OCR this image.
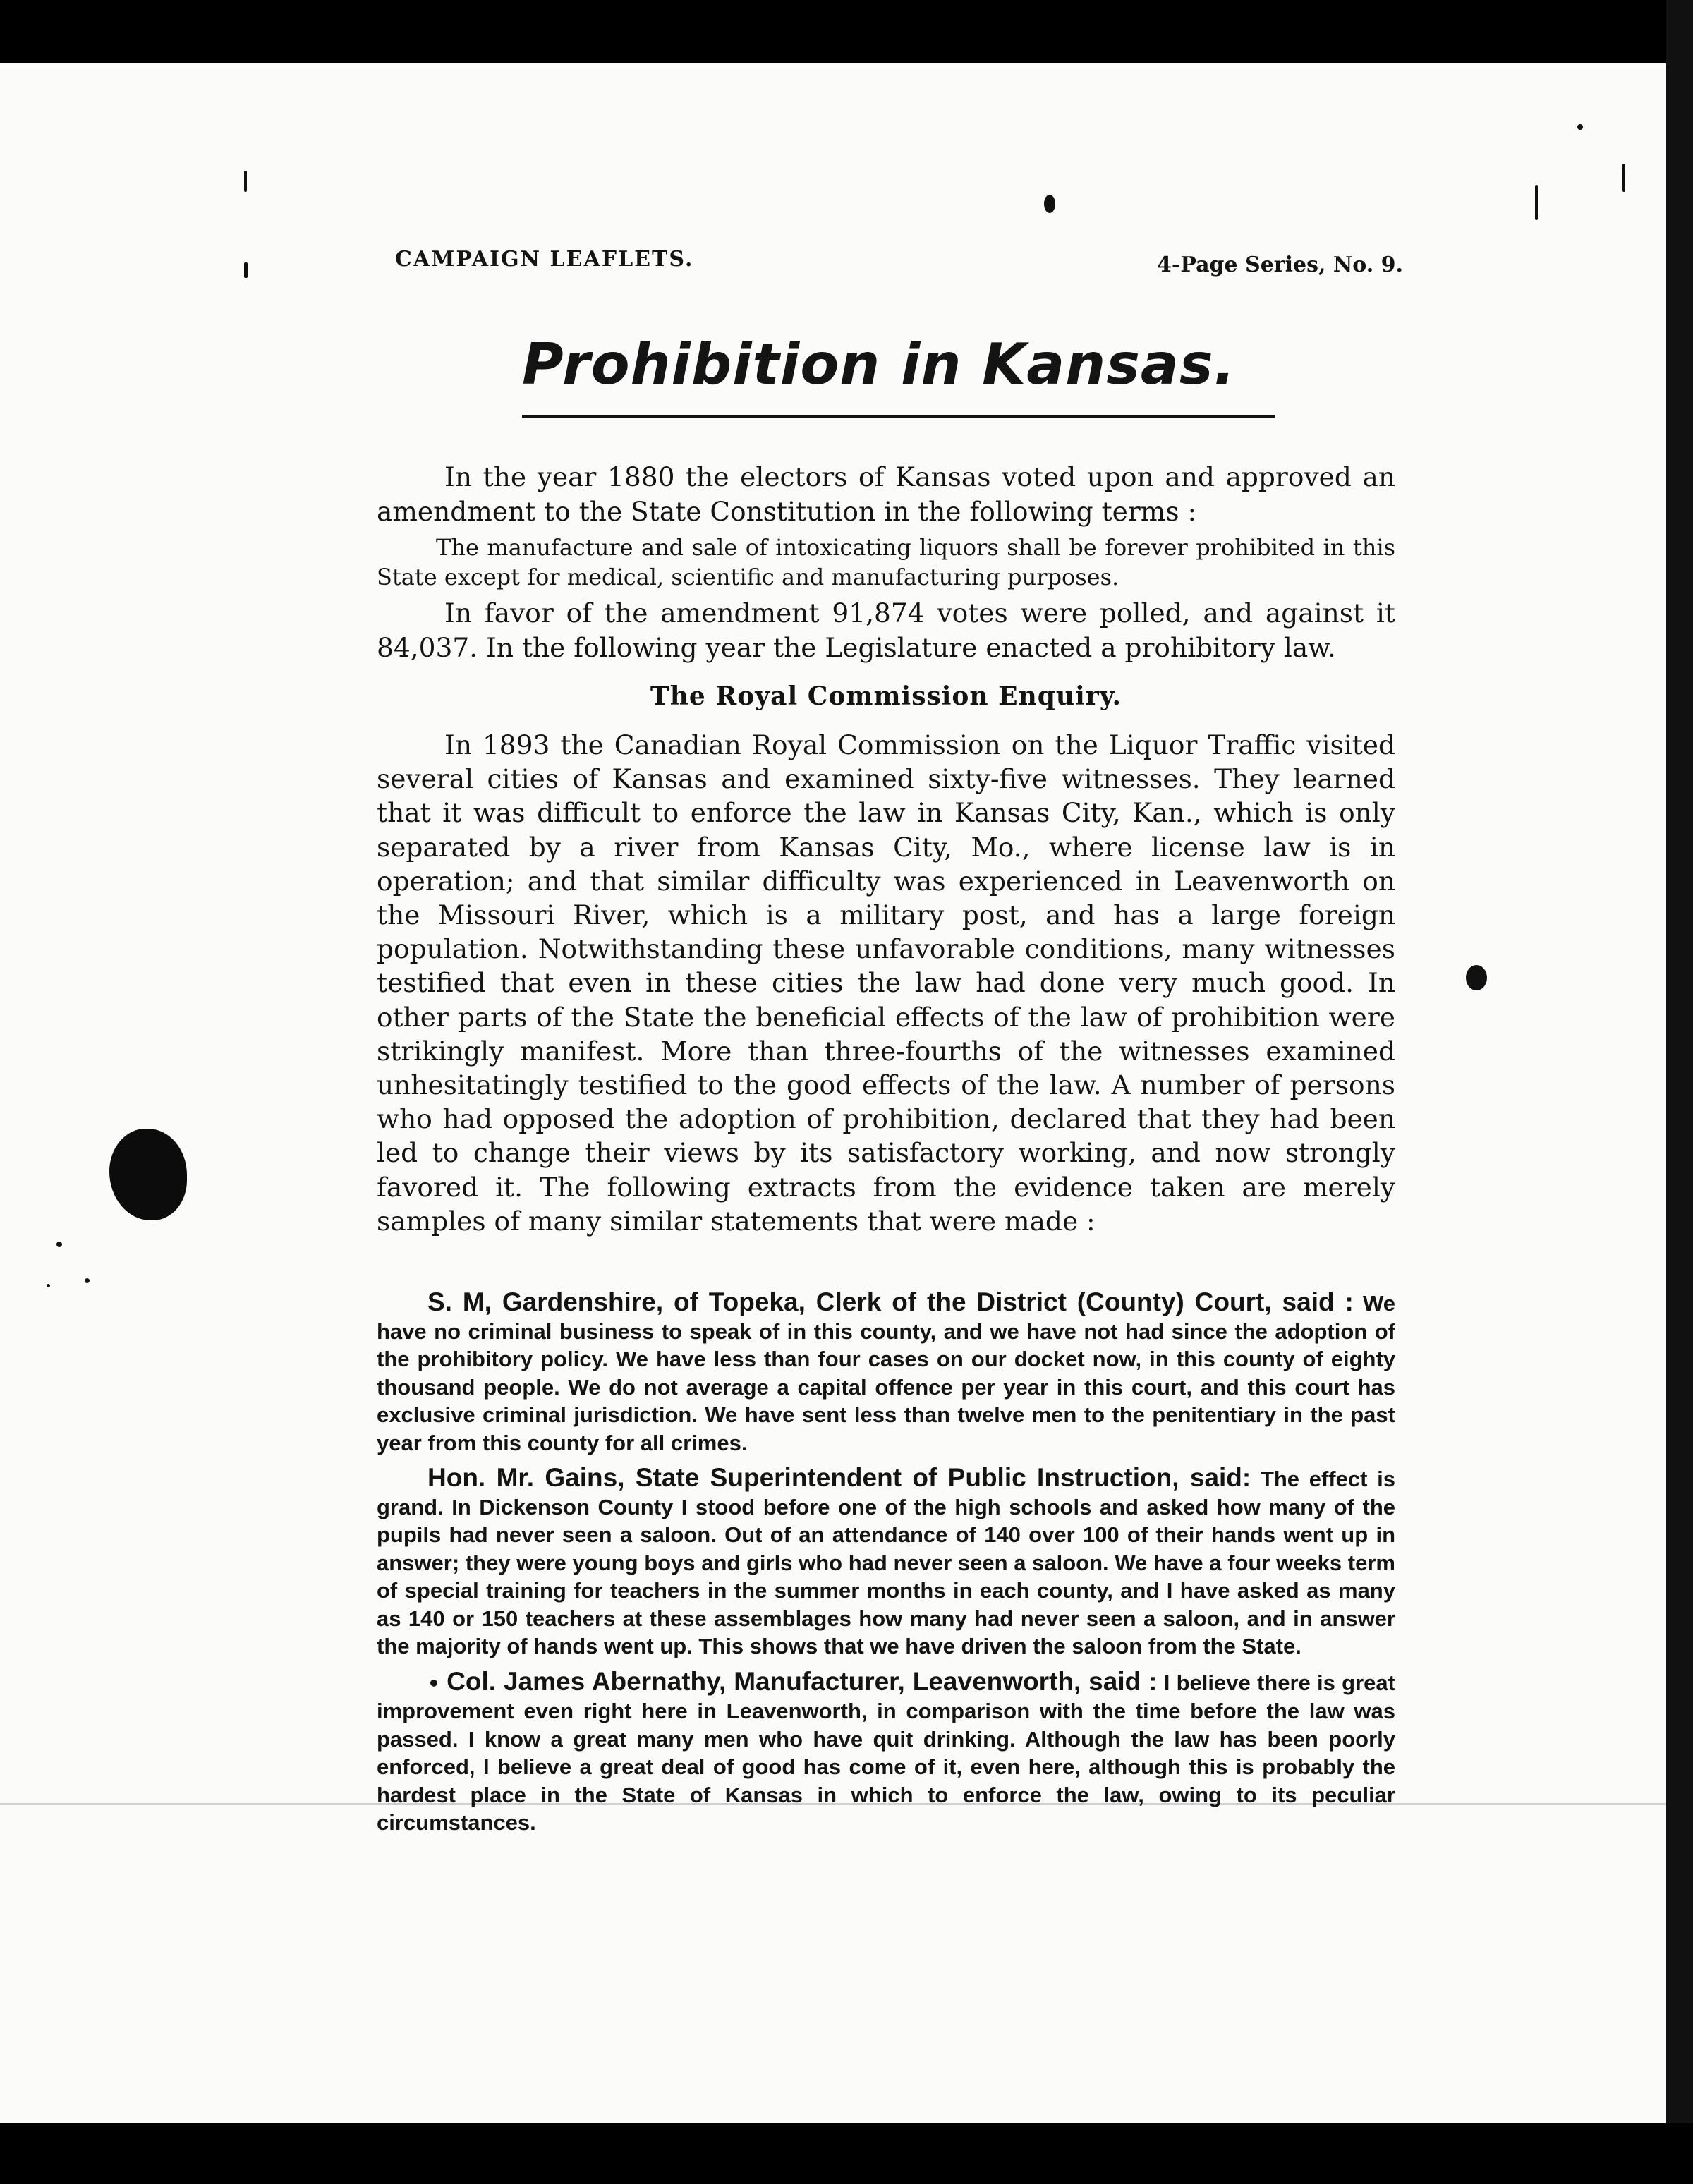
CAMPAIGN LEAFLETS.	4-Page Series, No. 9.
Prohibition in Kansas.

In the year 1880 the electors of Kansas voted upon and approved an amendment to the State Constitution in the following terms :

The manufacture and sale of intoxicating liquors shall be forever prohibited in this State except for medical, scientific and manufacturing purposes.

In favor of the amendment 91,874 votes were polled, and against it 84,037. In the following year the Legislature enacted a prohibitory law.

The Royal Commission Enquiry.

In 1893 the Canadian Royal Commission on the Liquor Traffic visited several cities of Kansas and examined sixty-five witnesses. They learned that it was difficult to enforce the law in Kansas City, Kan., which is only separated by a river from Kansas City, Mo., where license law is in operation; and that similar difficulty was experienced in Leavenworth on the Missouri River, which is a military post, and has a large foreign population. Notwithstanding these unfavorable conditions, many witnesses testified that even in these cities the law had done very much good. In other parts of the State the beneficial effects of the law of prohibition were strikingly manifest. More than three-fourths of the witnesses examined unhesitatingly testified to the good effects of the law. A number of persons who had opposed the adoption of prohibition, declared that they had been led to change their views by its satisfactory working, and now strongly favored it. The following extracts from the evidence taken are merely samples of many similar statements that were made :

S. M, Gardenshire, of Topeka, Clerk of the District (County) Court, said : We have no criminal business to speak of in this county, and we have not had since the adoption of the prohibitory policy. We have less than four cases on our docket now, in this county of eighty thousand people. We do not average a capital offence per year in this court, and this court has exclusive criminal jurisdiction. We have sent less than twelve men to the penitentiary in the past year from this county for all crimes.

Hon. Mr. Gains, State Superintendent of Public Instruction, said: The effect is grand. In Dickenson County I stood before one of the high schools and asked how many of the pupils had never seen a saloon. Out of an attendance of 140 over 100 of their hands went up in answer; they were young boys and girls who had never seen a saloon. We have a four weeks term of special training for teachers in the summer months in each county, and I have asked as many as 140 or 150 teachers at these assemblages how many had never seen a saloon, and in answer the majority of hands went up. This shows that we have driven the saloon from the State.

• Col. James Abernathy, Manufacturer, Leavenworth, said : I believe there is great improvement even right here in Leavenworth, in comparison with the time before the law was passed. I know a great many men who have quit drinking. Although the law has been poorly enforced, I believe a great deal of good has come of it, even here, although this is probably the hardest place in the State of Kansas in which to enforce the law, owing to its peculiar circumstances.
